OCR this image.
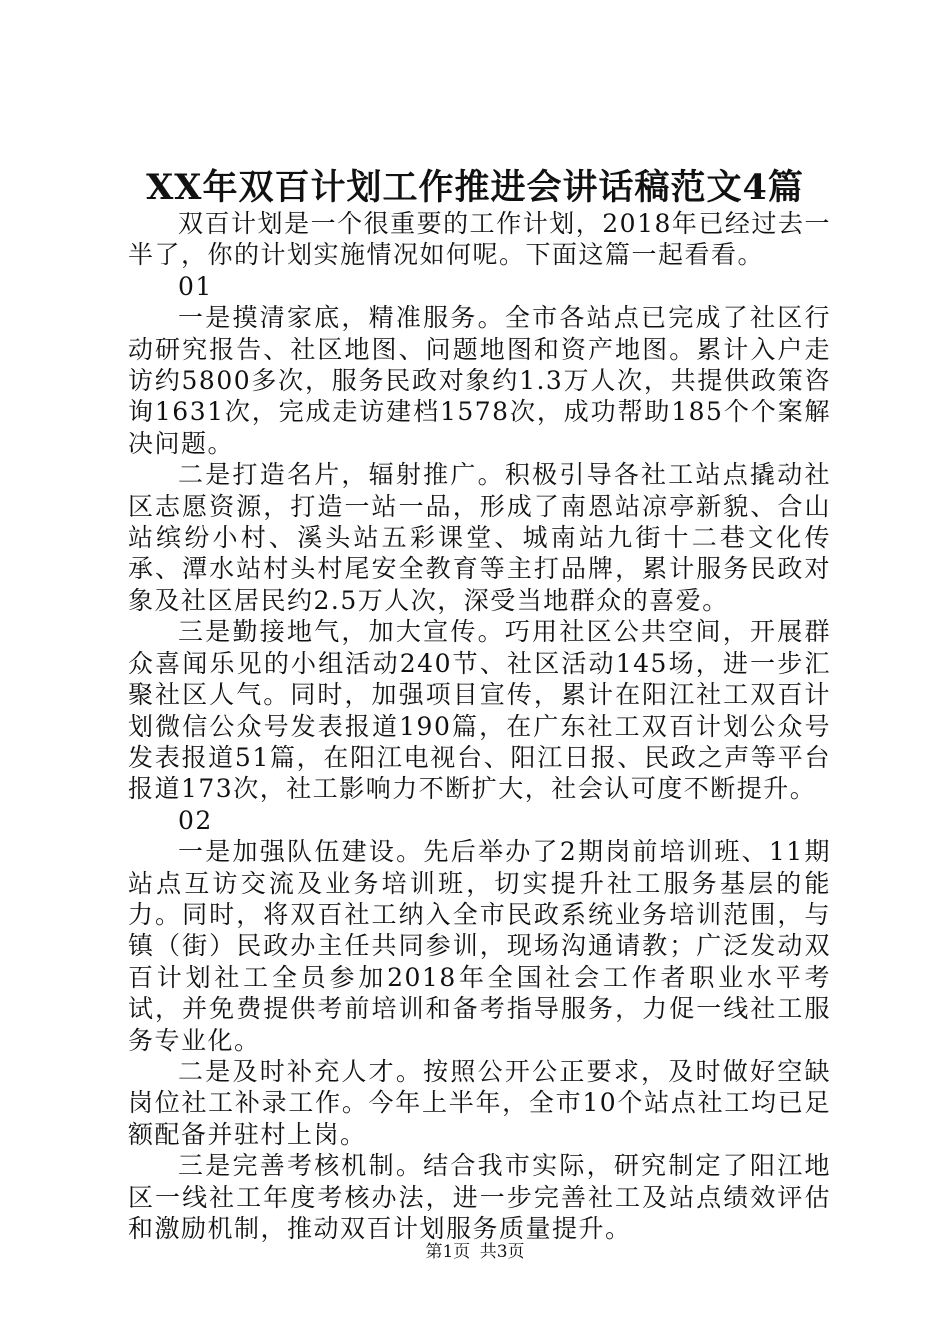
XX年双百计划工作推进会讲话稿范文4篇

双百计划是一个很重要的工作计划，2018年已经过去一半了，你的计划实施情况如何呢。下面这篇一起看看。

01

一是摸清家底，精准服务。全市各站点已完成了社区行动研究报告、社区地图、问题地图和资产地图。累计入户走访约5800多次，服务民政对象约1.3万人次，共提供政策咨询1631次，完成走访建档1578次，成功帮助185个个案解决问题。

二是打造名片，辐射推广。积极引导各社工站点撬动社区志愿资源，打造一站一品，形成了南恩站凉亭新貌、合山站缤纷小村、溪头站五彩课堂、城南站九街十二巷文化传承、潭水站村头村尾安全教育等主打品牌，累计服务民政对象及社区居民约2.5万人次，深受当地群众的喜爱。

三是勤接地气，加大宣传。巧用社区公共空间，开展群众喜闻乐见的小组活动240节、社区活动145场，进一步汇聚社区人气。同时，加强项目宣传，累计在阳江社工双百计划微信公众号发表报道190篇，在广东社工双百计划公众号发表报道51篇，在阳江电视台、阳江日报、民政之声等平台报道173次，社工影响力不断扩大，社会认可度不断提升。

02

一是加强队伍建设。先后举办了2期岗前培训班、11期站点互访交流及业务培训班，切实提升社工服务基层的能力。同时，将双百社工纳入全市民政系统业务培训范围，与镇（街）民政办主任共同参训，现场沟通请教；广泛发动双百计划社工全员参加2018年全国社会工作者职业水平考试，并免费提供考前培训和备考指导服务，力促一线社工服务专业化。

二是及时补充人才。按照公开公正要求，及时做好空缺岗位社工补录工作。今年上半年，全市10个站点社工均已足额配备并驻村上岗。

三是完善考核机制。结合我市实际，研究制定了阳江地区一线社工年度考核办法，进一步完善社工及站点绩效评估和激励机制，推动双百计划服务质量提升。

第1页 共3页
